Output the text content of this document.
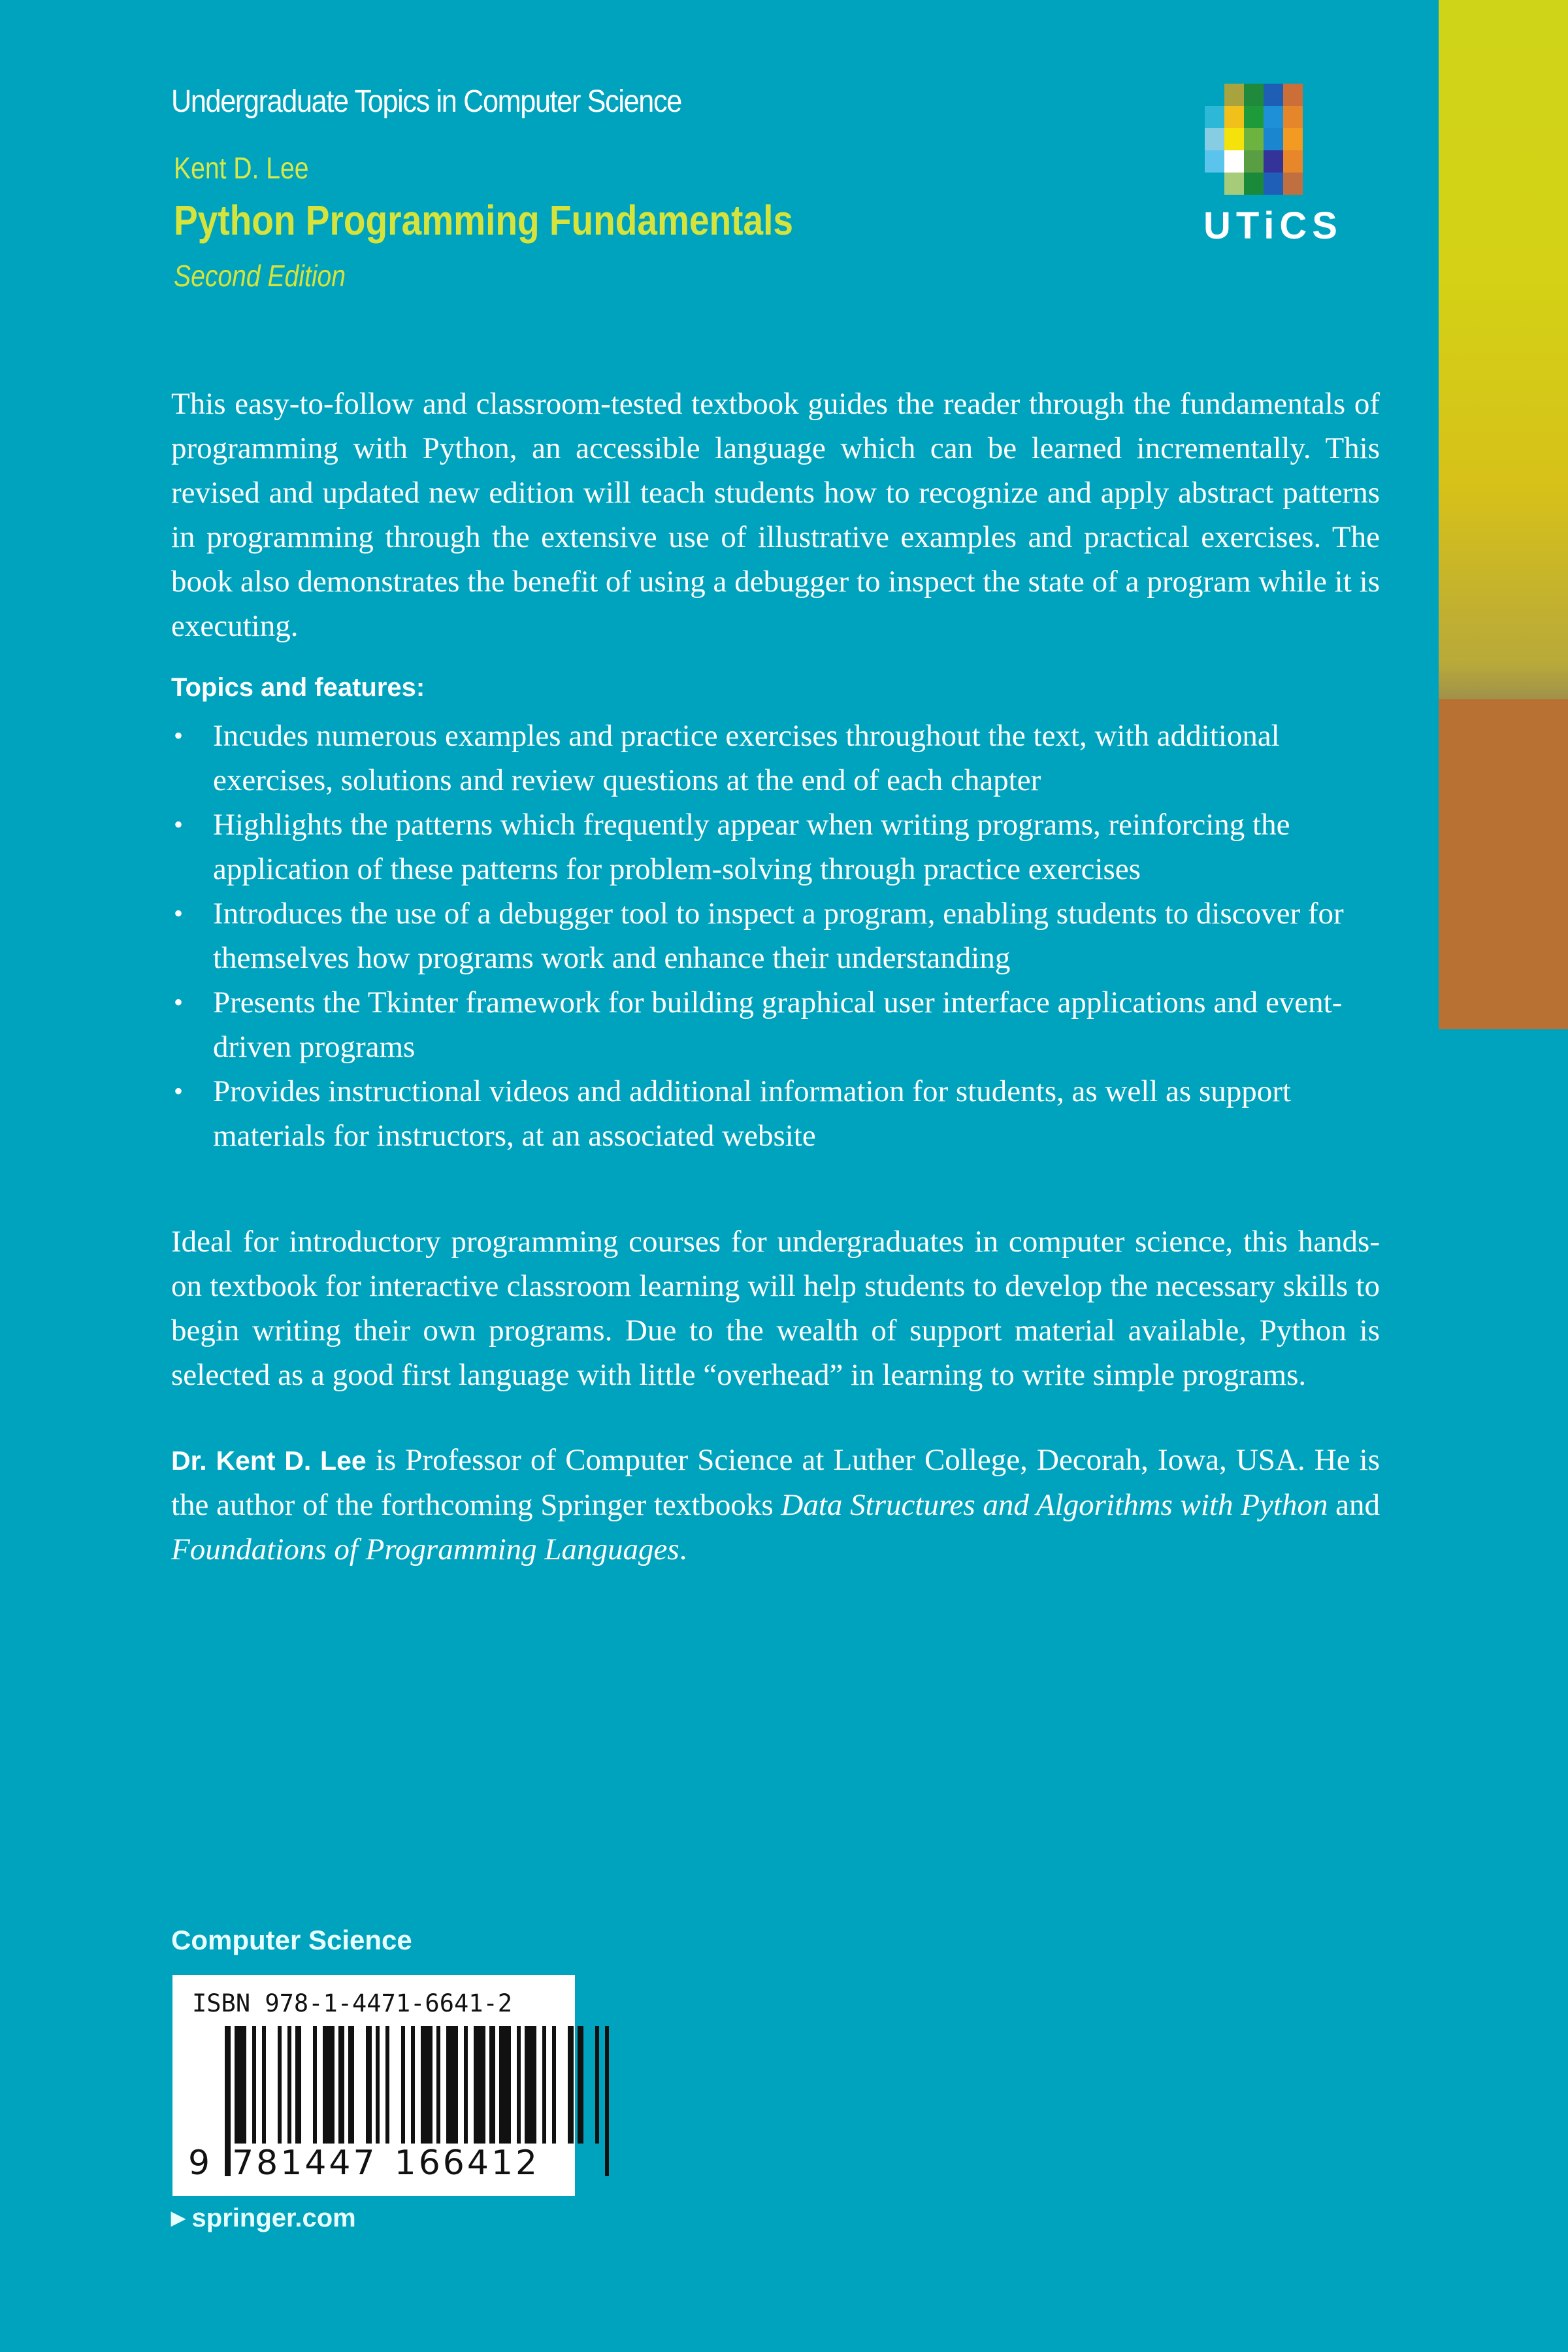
Undergraduate Topics in Computer Science
Kent D. Lee
Python Programming Fundamentals
Second Edition
UTiCS
This easy-to-follow and classroom-tested textbook guides the reader through the fundamentals of programming with Python, an accessible language which can be learned incrementally. This revised and updated new edition will teach students how to recognize and apply abstract patterns in programming through the extensive use of illustrative examples and practical exercises. The book also demonstrates the benefit of using a debugger to inspect the state of a program while it is executing.
Topics and features:
• Incudes numerous examples and practice exercises throughout the text, with additional exercises, solutions and review questions at the end of each chapter
• Highlights the patterns which frequently appear when writing programs, reinforcing the application of these patterns for problem-solving through practice exercises
• Introduces the use of a debugger tool to inspect a program, enabling students to discover for themselves how programs work and enhance their understanding
• Presents the Tkinter framework for building graphical user interface applications and event-driven programs
• Provides instructional videos and additional information for students, as well as support materials for instructors, at an associated website
Ideal for introductory programming courses for undergraduates in computer science, this hands-on textbook for interactive classroom learning will help students to develop the necessary skills to begin writing their own programs. Due to the wealth of support material available, Python is selected as a good first language with little “overhead” in learning to write simple programs.
Dr. Kent D. Lee is Professor of Computer Science at Luther College, Decorah, Iowa, USA. He is the author of the forthcoming Springer textbooks Data Structures and Algorithms with Python and Foundations of Programming Languages.
Computer Science
ISBN 978-1-4471-6641-2
9 781447 166412
▶ springer.com
